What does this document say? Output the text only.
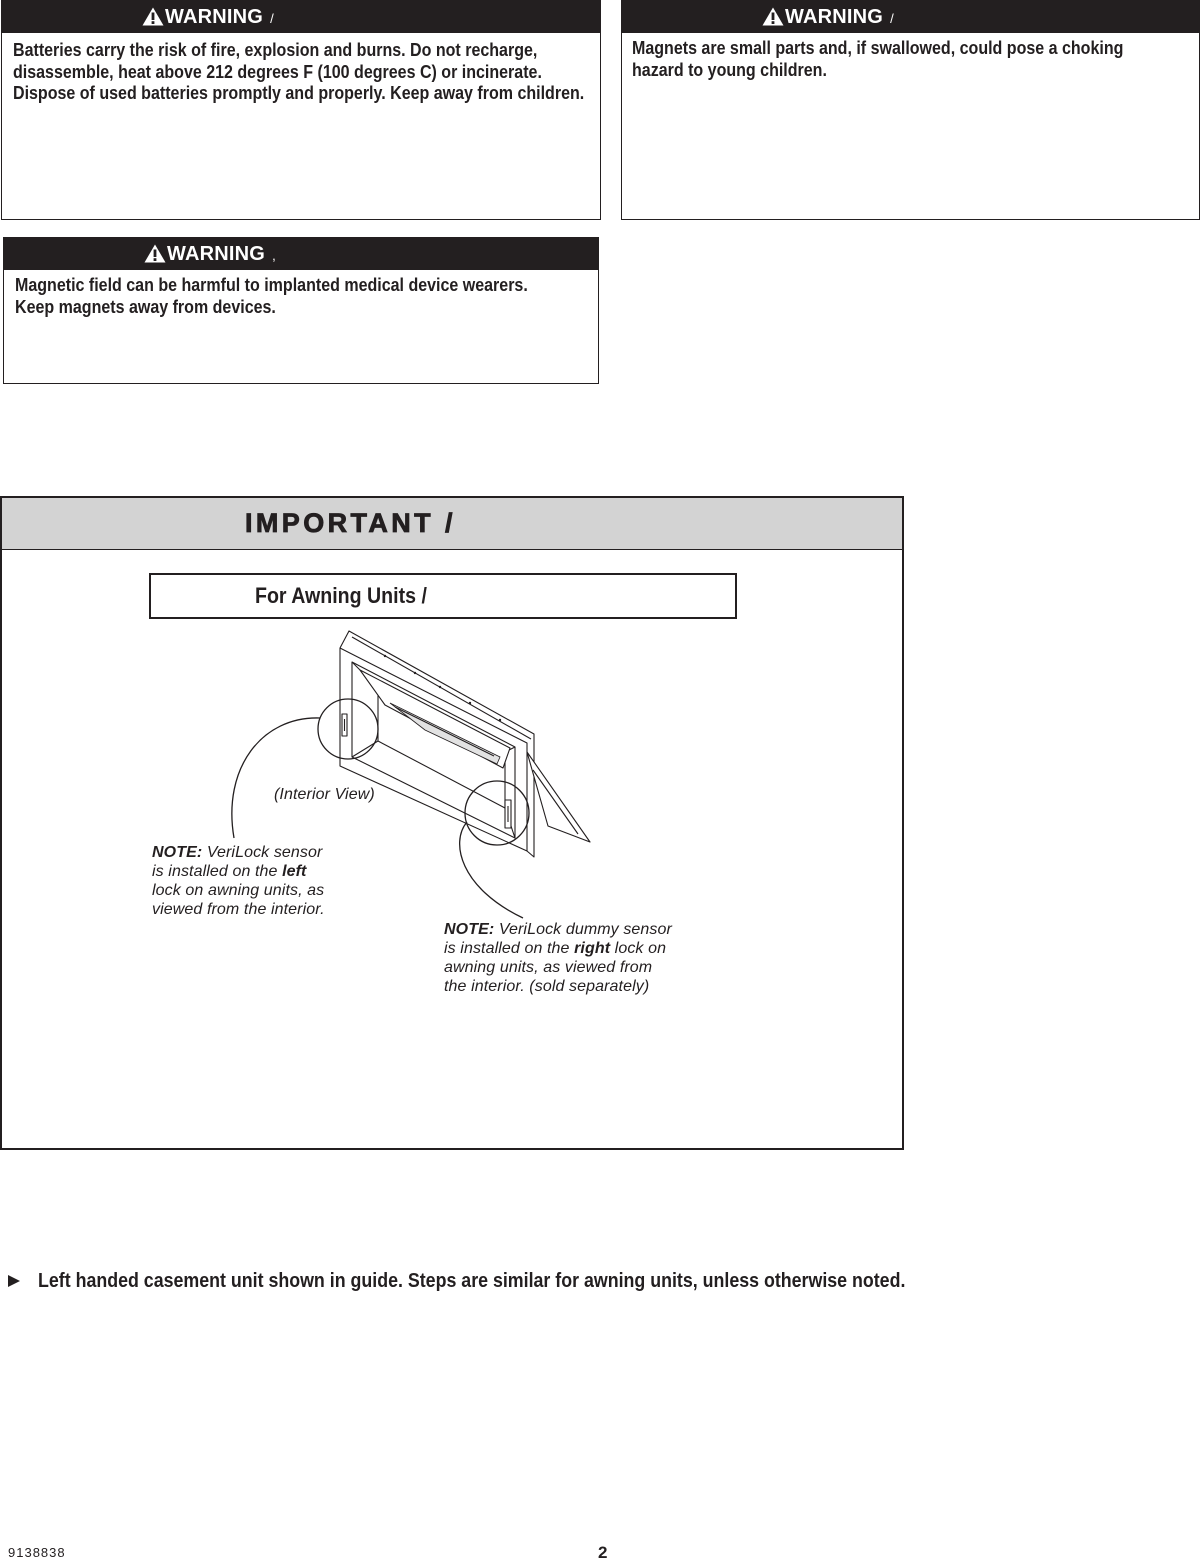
WARNING /
Batteries carry the risk of fire, explosion and burns. Do not recharge,
disassemble, heat above 212 degrees F (100 degrees C) or incinerate.
Dispose of used batteries promptly and properly. Keep away from children.
WARNING /
Magnets are small parts and, if swallowed, could pose a choking
hazard to young children.
WARNING ,
Magnetic field can be harmful to implanted medical device wearers.
Keep magnets away from devices.
IMPORTANT /
For Awning Units /
(Interior View)
NOTE: VeriLock sensor
is installed on the left
lock on awning units, as
viewed from the interior.
NOTE: VeriLock dummy sensor
is installed on the right lock on
awning units, as viewed from
the interior. (sold separately)
Left handed casement unit shown in guide. Steps are similar for awning units, unless otherwise noted.
9138838	2
